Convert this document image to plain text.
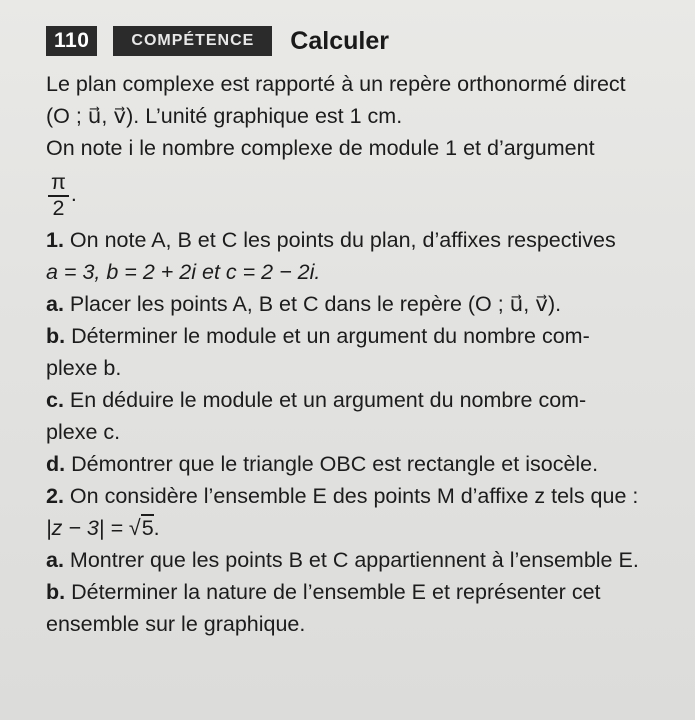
110	COMPÉTENCE	Calculer

Le plan complexe est rapporté à un repère orthonormé direct

(O ; u⃗, v⃗). L’unité graphique est 1 cm.

On note i le nombre complexe de module 1 et d’argument

$\frac{\pi}{2}$ .

1. On note A, B et C les points du plan, d’affixes respectives

a = 3, b = 2 + 2i et c = 2 − 2i.

a. Placer les points A, B et C dans le repère (O ; u⃗, v⃗).

b. Déterminer le module et un argument du nombre com-

plexe b.

c. En déduire le module et un argument du nombre com-

plexe c.

d. Démontrer que le triangle OBC est rectangle et isocèle.

2. On considère l’ensemble E des points M d’affixe z tels que :

|z − 3| = √5.

a. Montrer que les points B et C appartiennent à l’ensemble E.

b. Déterminer la nature de l’ensemble E et représenter cet

ensemble sur le graphique.
